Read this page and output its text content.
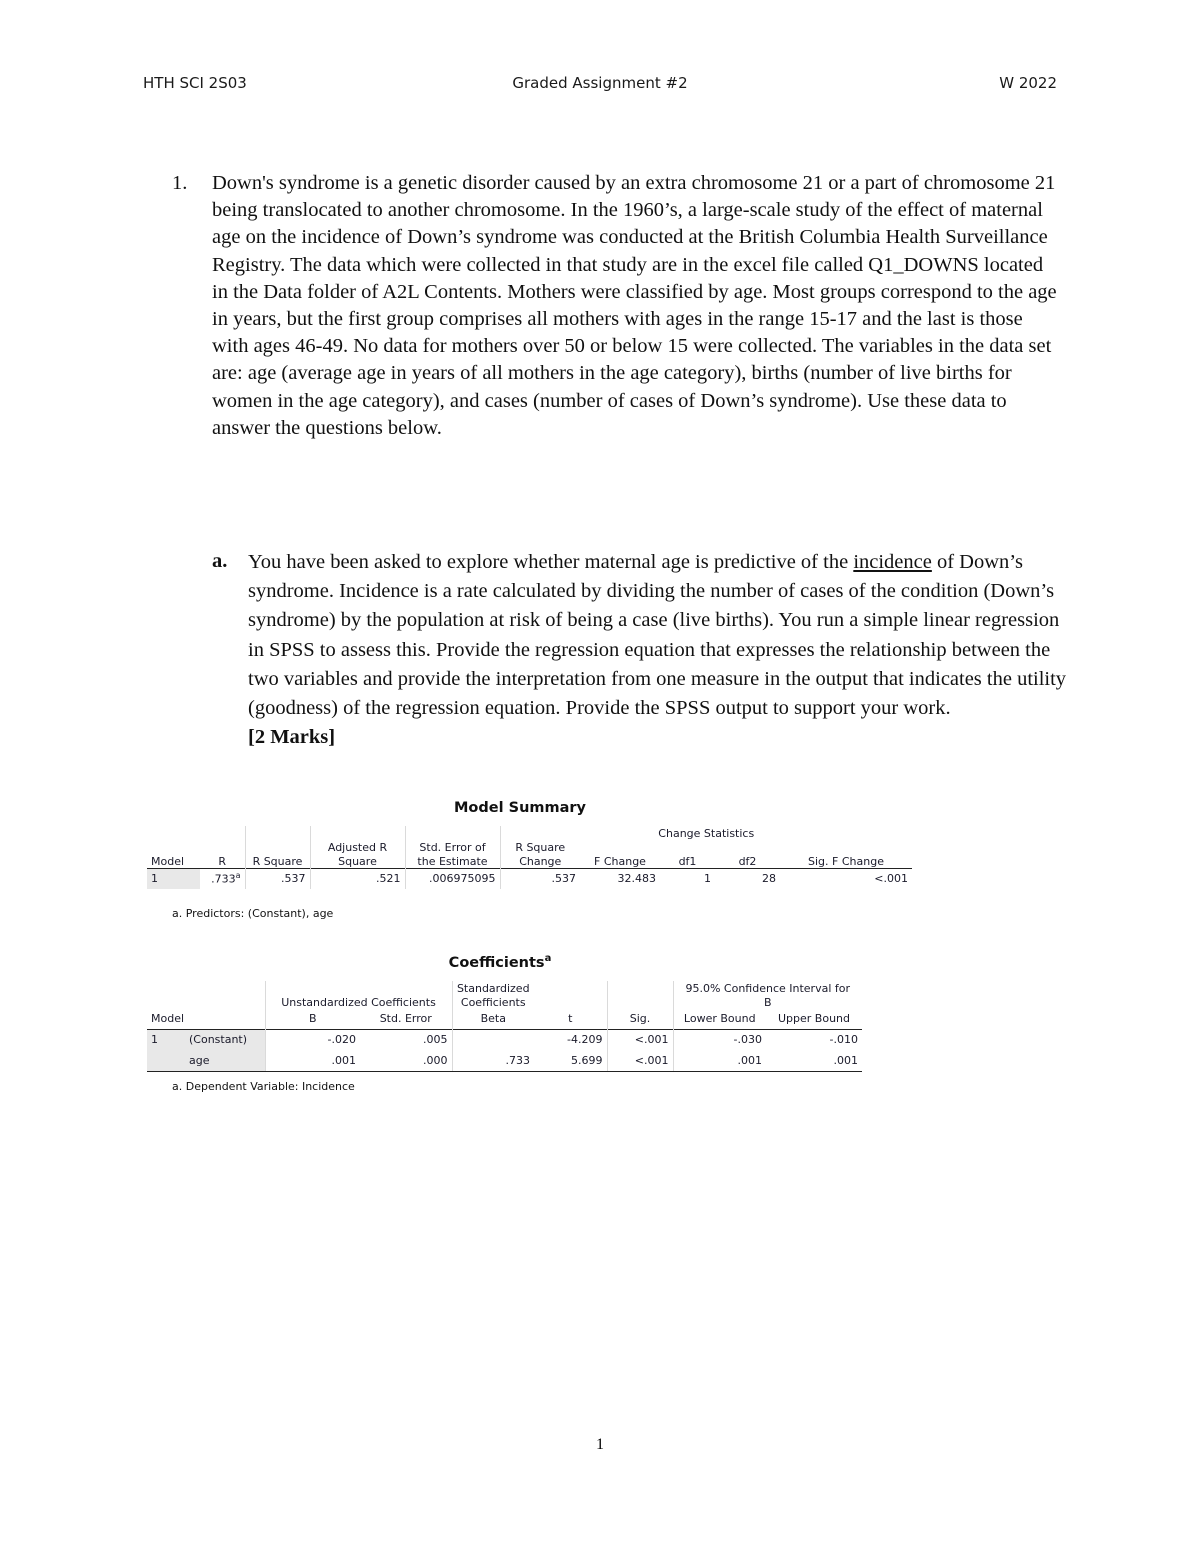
HTH SCI 2S03	Graded Assignment #2	W 2022
1.	Down's syndrome is a genetic disorder caused by an extra chromosome 21 or a part of chromosome 21 being translocated to another chromosome. In the 1960’s, a large-scale study of the effect of maternal age on the incidence of Down’s syndrome was conducted at the British Columbia Health Surveillance Registry. The data which were collected in that study are in the excel file called Q1_DOWNS located in the Data folder of A2L Contents. Mothers were classified by age. Most groups correspond to the age in years, but the first group comprises all mothers with ages in the range 15-17 and the last is those with ages 46-49. No data for mothers over 50 or below 15 were collected. The variables in the data set are: age (average age in years of all mothers in the age category), births (number of live births for women in the age category), and cases (number of cases of Down’s syndrome). Use these data to answer the questions below.
a. You have been asked to explore whether maternal age is predictive of the incidence of Down’s syndrome. Incidence is a rate calculated by dividing the number of cases of the condition (Down’s syndrome) by the population at risk of being a case (live births). You run a simple linear regression in SPSS to assess this. Provide the regression equation that expresses the relationship between the two variables and provide the interpretation from one measure in the output that indicates the utility (goodness) of the regression equation. Provide the SPSS output to support your work.
[2 Marks]
Model Summary
					Change Statistics				
			Adjusted R	Std. Error of	R Square				
Model	R	R Square	Square	the Estimate	Change	F Change	df1	df2	Sig. F Change
1	.733$^a$	.537	.521	.006975095	.537	32.483	1	28	<.001
a. Predictors: (Constant), age
Coefficients$^a$
				Standardized			95.0% Confidence Interval for	
		Unstandardized Coefficients		Coefficients			B	
Model		B	Std. Error	Beta	t	Sig.	Lower Bound	Upper Bound
1	(Constant)	-.020	.005		-4.209	<.001	-.030	-.010
	age	.001	.000	.733	5.699	<.001	.001	.001
a. Dependent Variable: Incidence
1
